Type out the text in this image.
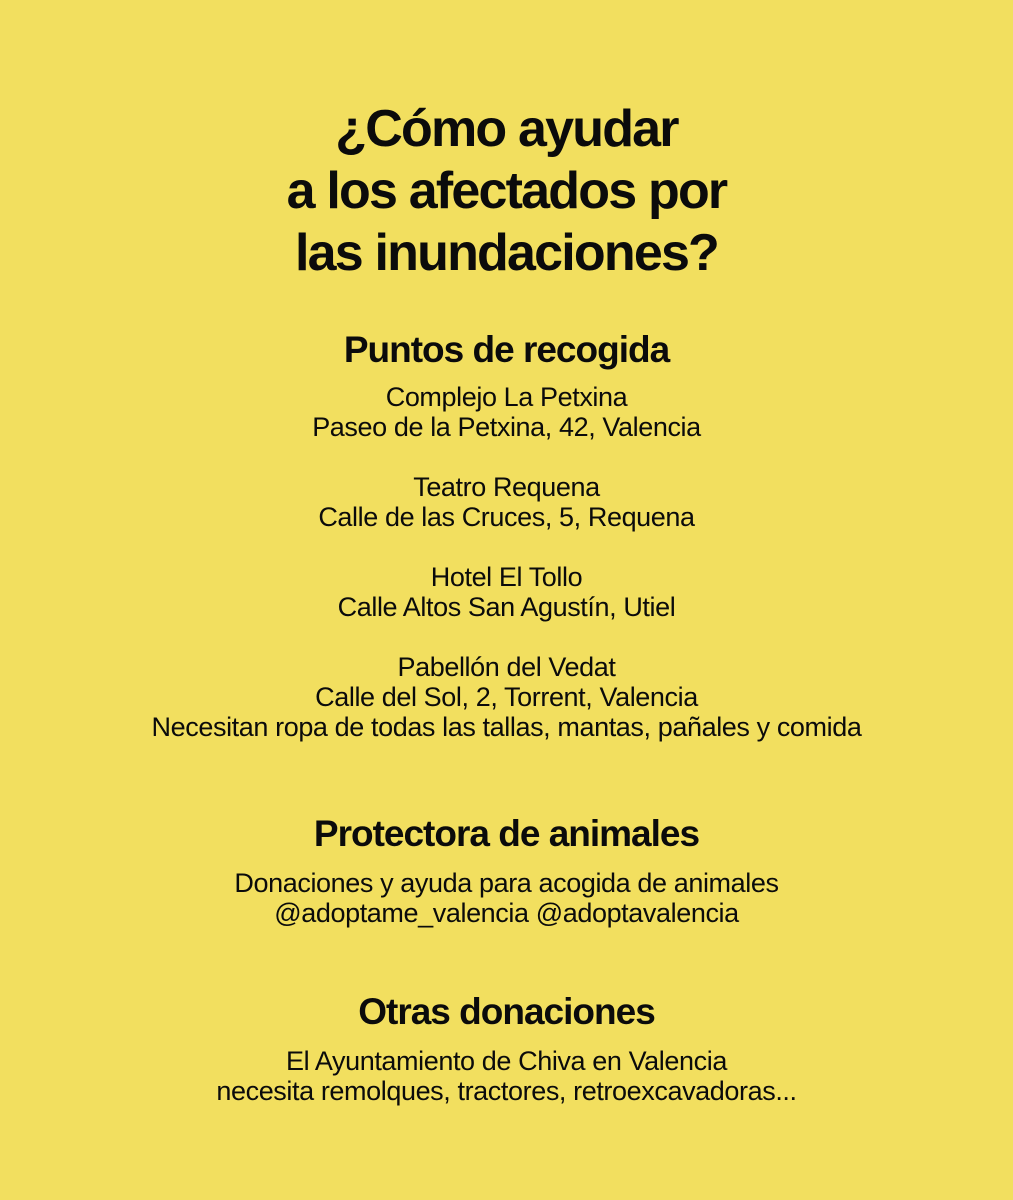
¿Cómo ayudar
a los afectados por
las inundaciones?
Puntos de recogida

Complejo La Petxina

Paseo de la Petxina, 42, Valencia

Teatro Requena

Calle de las Cruces, 5, Requena

Hotel El Tollo

Calle Altos San Agustín, Utiel

Pabellón del Vedat

Calle del Sol, 2, Torrent, Valencia

Necesitan ropa de todas las tallas, mantas, pañales y comida

Protectora de animales

Donaciones y ayuda para acogida de animales

@adoptame_valencia @adoptavalencia

Otras donaciones

El Ayuntamiento de Chiva en Valencia

necesita remolques, tractores, retroexcavadoras...
